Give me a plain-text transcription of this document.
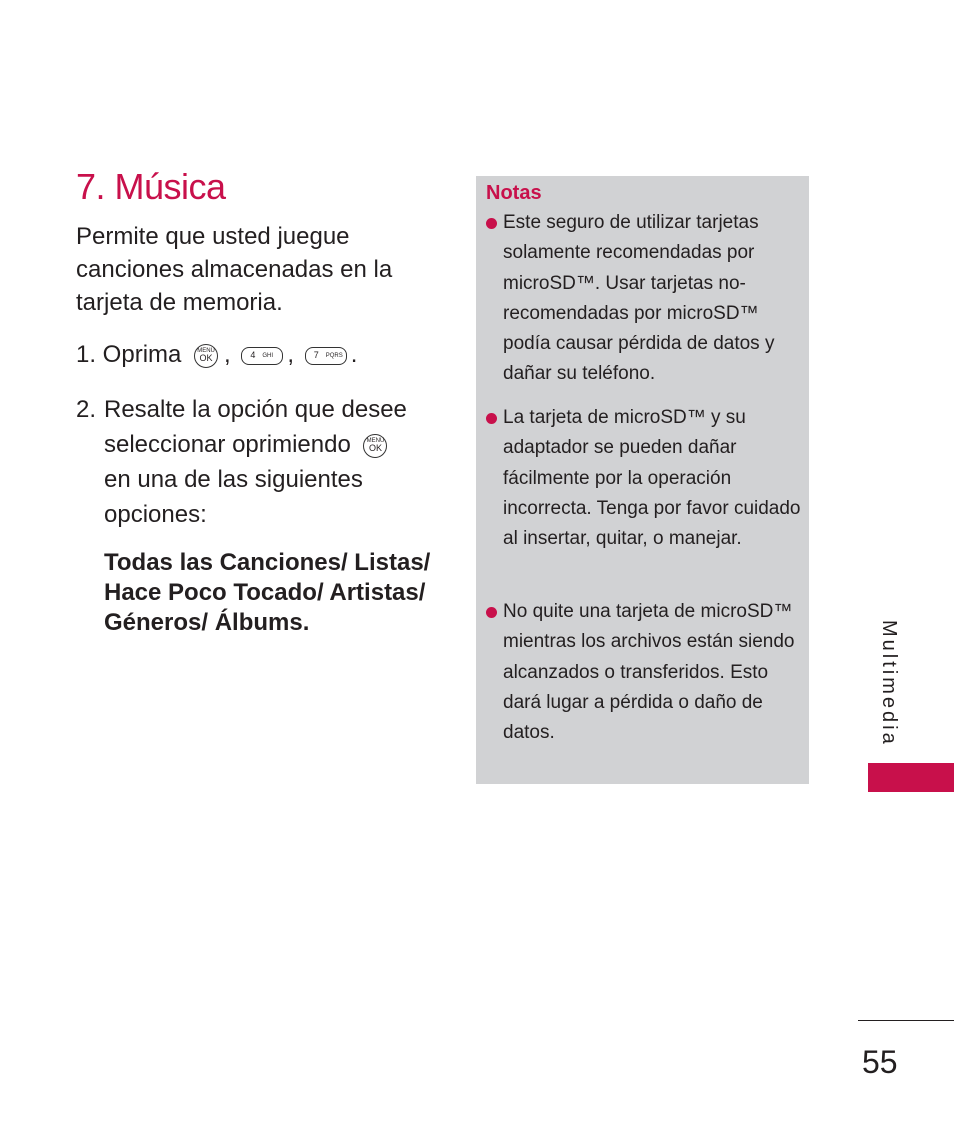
7. Música
Permite que usted juegue canciones almacenadas en la tarjeta de memoria.
1. Oprima	MENU
OK , 4 GHI , 7 PQRS .
2. Resalte la opción que desee seleccionar oprimiendo	MENU
OK
en una de las siguientes opciones:
Todas las Canciones/ Listas/ Hace Poco Tocado/ Artistas/ Géneros/ Álbums.
Notas
Este seguro de utilizar tarjetas solamente recomendadas por microSD™. Usar tarjetas no-recomendadas por microSD™ podía causar pérdida de datos y dañar su teléfono.
La tarjeta de microSD™ y su adaptador se pueden dañar fácilmente por la operación incorrecta. Tenga por favor cuidado al insertar, quitar, o manejar.
No quite una tarjeta de microSD™ mientras los archivos están siendo alcanzados o transferidos. Esto dará lugar a pérdida o daño de datos.	Multimedia
55
